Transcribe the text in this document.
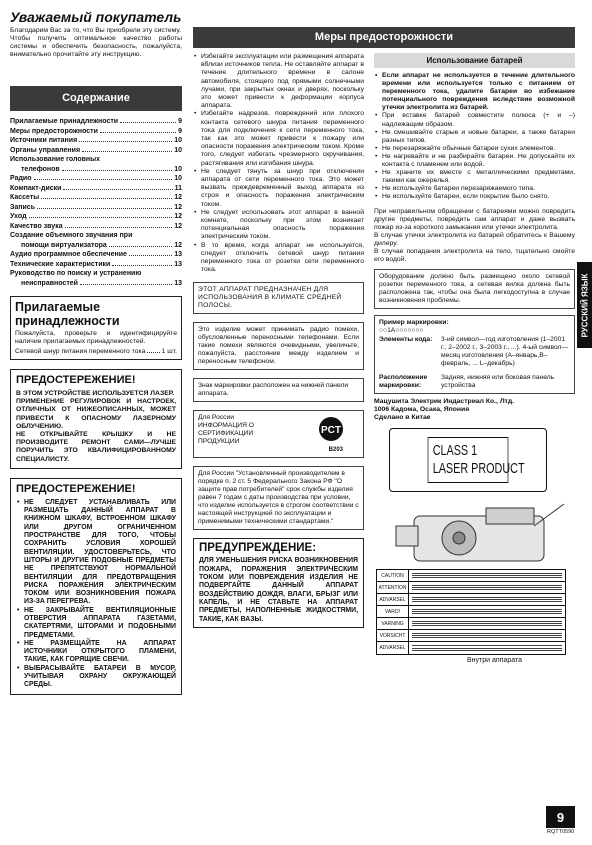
Уважаемый покупатель
Благодарим Вас за то, что Вы приобрели эту систему.
Чтобы получить оптимальное качество работы системы и обеспечить безопасность, пожалуйста, внимательно прочитайте эту инструкцию.
Содержание
Прилагаемые принадлежности	9
Меры предосторожности	9
Источники питания	10
Органы управления	10
Использование головных
телефонов	10
Радио	10
Компакт-диски	11
Кассеты	12
Запись	12
Уход	12
Качество звука	12
Создание объемного звучания при
помощи виртуализатора	12
Аудио программное обеспечение	13
Технические характеристики	13
Руководство по поиску и устранению
неисправностей	13
Прилагаемые принадлежности
Пожалуйста, проверьте и идентифицируйте наличие прилагаемых принадлежностей.
Сетевой шнур питания переменного тока 1 шт.
ПРЕДОСТЕРЕЖЕНИЕ!
В ЭТОМ УСТРОЙСТВЕ ИСПОЛЬЗУЕТСЯ ЛАЗЕР.
ПРИМЕНЕНИЕ РЕГУЛИРОВОК И НАСТРОЕК, ОТЛИЧНЫХ ОТ НИЖЕОПИСАННЫХ, МОЖЕТ ПРИВЕСТИ К ОПАСНОМУ ЛАЗЕРНОМУ ОБЛУЧЕНИЮ.
НЕ ОТКРЫВАЙТЕ КРЫШКУ И НЕ ПРОИЗВОДИТЕ РЕМОНТ САМИ—ЛУЧШЕ ПОРУЧИТЬ ЭТО КВАЛИФИЦИРОВАННОМУ СПЕЦИАЛИСТУ.
ПРЕДОСТЕРЕЖЕНИЕ!
• НЕ СЛЕДУЕТ УСТАНАВЛИВАТЬ ИЛИ РАЗМЕЩАТЬ ДАННЫЙ АППАРАТ В КНИЖНОМ ШКАФУ, ВСТРОЕННОМ ШКАФУ ИЛИ ДРУГОМ ОГРАНИЧЕННОМ ПРОСТРАНСТВЕ ДЛЯ ТОГО, ЧТОБЫ СОХРАНИТЬ УСЛОВИЯ ХОРОШЕЙ ВЕНТИЛЯЦИИ. УДОСТОВЕРЬТЕСЬ, ЧТО ШТОРЫ И ДРУГИЕ ПОДОБНЫЕ ПРЕДМЕТЫ НЕ ПРЕПЯТСТВУЮТ НОРМАЛЬНОЙ ВЕНТИЛЯЦИИ ДЛЯ ПРЕДОТВРАЩЕНИЯ РИСКА ПОРАЖЕНИЯ ЭЛЕКТРИЧЕСКИМ ТОКОМ ИЛИ ВОЗНИКНОВЕНИЯ ПОЖАРА ИЗ-ЗА ПЕРЕГРЕВА.
• НЕ ЗАКРЫВАЙТЕ ВЕНТИЛЯЦИОННЫЕ ОТВЕРСТИЯ АППАРАТА ГАЗЕТАМИ, СКАТЕРТЯМИ, ШТОРАМИ И ПОДОБНЫМИ ПРЕДМЕТАМИ.
• НЕ РАЗМЕЩАЙТЕ НА АППАРАТ ИСТОЧНИКИ ОТКРЫТОГО ПЛАМЕНИ, ТАКИЕ, КАК ГОРЯЩИЕ СВЕЧИ.
• ВЫБРАСЫВАЙТЕ БАТАРЕИ В МУСОР, УЧИТЫВАЯ ОХРАНУ ОКРУЖАЮЩЕЙ СРЕДЫ.
Меры предосторожности
• Избегайте эксплуатации или размещения аппарата вблизи источников тепла. Не оставляйте аппарат в течение длительного времени в салоне автомобиля, стоящего под прямыми солнечными лучами, при закрытых окнах и дверях, поскольку это может привести к деформации корпуса аппарата.
• Избегайте надрезов, повреждений или плохого контакта сетевого шнура питания переменного тока для подключения к сети переменного тока, так как это может привести к пожару или опасности поражения электрическим током. Кроме того, следует избегать чрезмерного скручивания, растягивания или изгибания шнура.
• Не следует тянуть за шнур при отключении аппарата от сети переменного тока. Это может вызвать преждевременный выход аппарата из строя и опасность поражения электрическим током.
• Не следует использовать этот аппарат в ванной комнате, поскольку при этом возникает потенциальная опасность поражения электрическим током.
• В то время, когда аппарат не используется, следует отключить сетевой шнур питания переменного тока от розетки сети переменного тока.
ЭТОТ АППАРАТ ПРЕДНАЗНАЧЕН ДЛЯ ИСПОЛЬЗОВАНИЯ В КЛИМАТЕ СРЕДНЕЙ ПОЛОСЫ.
Это изделие может принимать радио помехи, обусловленные переносными телефонами. Если такие помехи являются очевидными, увеличьте, пожалуйста, расстояние между изделием и переносным телефоном.
Знак маркировки расположен на нижней панели аппарата.
Для России
ИНФОРМАЦИЯ О
СЕРТИФИКАЦИИ
ПРОДУКЦИИ
PCT
В203
Для России "Установленный производителем в порядке п. 2 ст. 5 Федерального Закона РФ "О защите прав потребителей" срок службы изделия равен 7 годам с даты производства при условии, что изделие используется в строгом соответствии с настоящей инструкцией по эксплуатации и применимыми техническими стандартами."
ПРЕДУПРЕЖДЕНИЕ:
ДЛЯ УМЕНЬШЕНИЯ РИСКА ВОЗНИКНОВЕНИЯ ПОЖАРА, ПОРАЖЕНИЯ ЭЛЕКТРИЧЕСКИМ ТОКОМ ИЛИ ПОВРЕЖДЕНИЯ ИЗДЕЛИЯ НЕ ПОДВЕРГАЙТЕ ДАННЫЙ АППАРАТ ВОЗДЕЙСТВИЮ ДОЖДЯ, ВЛАГИ, БРЫЗГ ИЛИ КАПЕЛЬ, И НЕ СТАВЬТЕ НА АППАРАТ ПРЕДМЕТЫ, НАПОЛНЕННЫЕ ЖИДКОСТЯМИ, ТАКИЕ, КАК ВАЗЫ.
Использование батарей
• Если аппарат не используется в течение длительного времени или используется только с питанием от переменного тока, удалите батареи во избежание потенциального повреждения вследствие возможной утечки электролита из батарей.
• При вставке батарей совместите полюса (+ и –) надлежащим образом.
• Не смешивайте старые и новые батареи, а также батареи разных типов.
• Не перезаряжайте обычные батареи сухих элементов.
• Не нагревайте и не разбирайте батареи. Не допускайте их контакта с пламенем или водой.
• Не храните их вместе с металлическими предметами, такими как ожерелья.
• Не используйте батареи перезаряжаемого типа.
• Не используйте батареи, если покрытие было снято.
При неправильном обращении с батареями можно повредить другие предметы, повредить сам аппарат и даже вызвать пожар из-за короткого замыкания или утечки электролита.
В случае утечки электролита из батарей обратитесь к Вашему дилеру.
В случае попадания электролита на тело, тщательно смойте его водой.
Оборудование должно быть размещено около сетевой розетки переменного тока, а сетевая вилка должна быть расположена так, чтобы она была легкодоступна в случае возникновения проблемы.
Пример маркировки:
○○1А○○○○○○○
Элементы кода:	3-ий символ—год изготовления (1–2001 г., 2–2002 г., 3–2003 г., ...). 4-ый символ—месяц изготовления (А–январь,В–февраль, ... L–декабрь)
Расположение маркировки:
Задняя, нижняя или боковая панель устройства
Мацушита Электрик Индастриал Ко., Лтд.
1006 Кадома, Осака, Япония
Сделано в Китае
CLASS 1
LASER PRODUCT
CAUTION
ATTENTION
ADVARSEL
VARO!
VARNING
VORSICHT
ADVARSEL
Внутри аппарата
РУССКИЙ ЯЗЫК
9
RQTT0590
